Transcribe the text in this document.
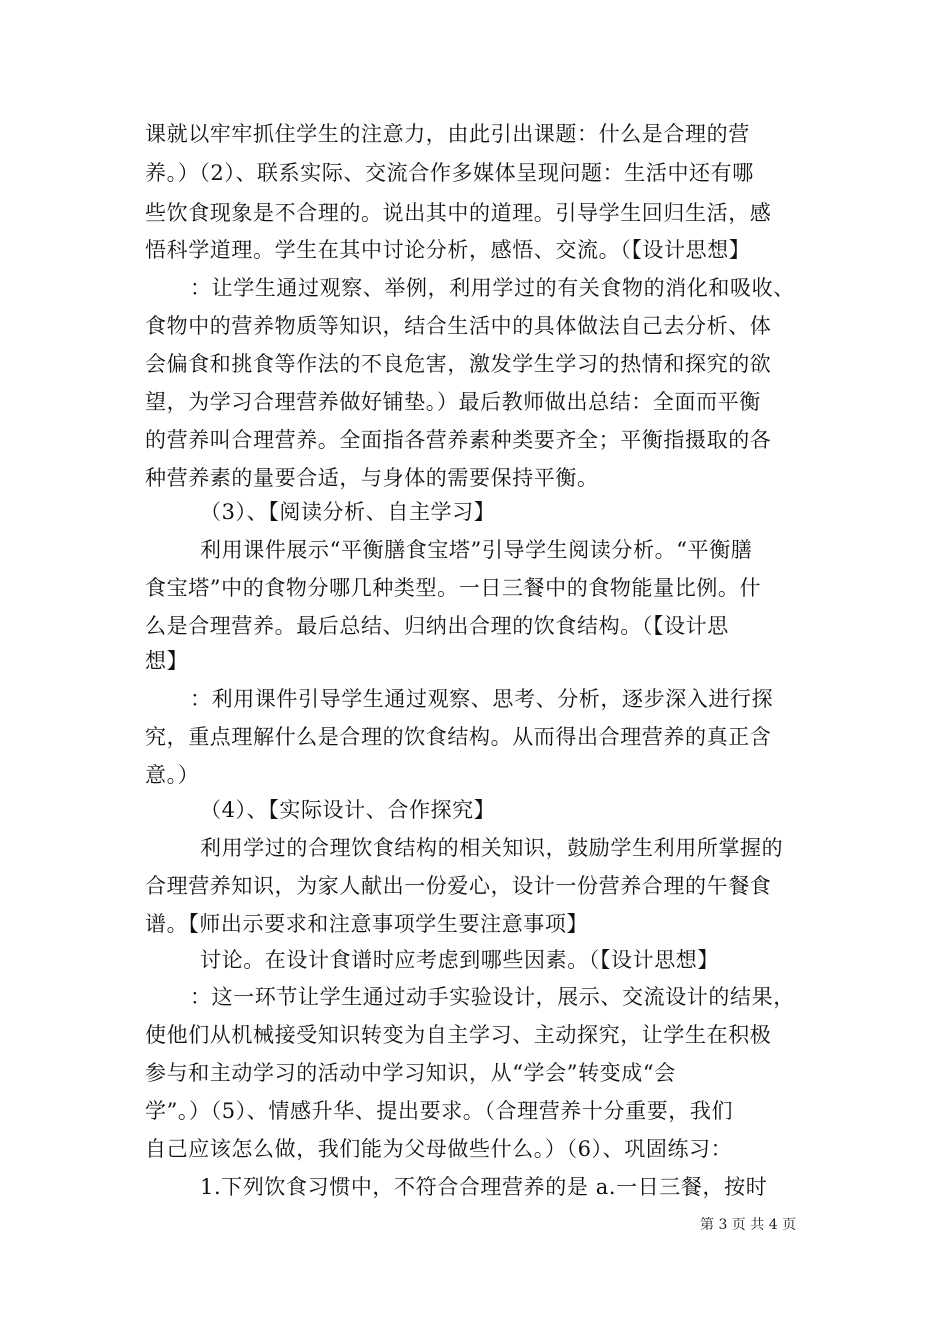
课就以牢牢抓住学生的注意力，由此引出课题：什么是合理的营
养。）（2）、联系实际、交流合作多媒体呈现问题：生活中还有哪
些饮食现象是不合理的。说出其中的道理。引导学生回归生活，感
悟科学道理。学生在其中讨论分析，感悟、交流。（【设计思想】
：让学生通过观察、举例，利用学过的有关食物的消化和吸收、
食物中的营养物质等知识，结合生活中的具体做法自己去分析、体
会偏食和挑食等作法的不良危害，激发学生学习的热情和探究的欲
望，为学习合理营养做好铺垫。）最后教师做出总结：全面而平衡
的营养叫合理营养。全面指各营养素种类要齐全；平衡指摄取的各
种营养素的量要合适，与身体的需要保持平衡。
（3）、【阅读分析、自主学习】
利用课件展示“平衡膳食宝塔”引导学生阅读分析。“平衡膳
食宝塔”中的食物分哪几种类型。一日三餐中的食物能量比例。什
么是合理营养。最后总结、归纳出合理的饮食结构。（【设计思
想】
：利用课件引导学生通过观察、思考、分析，逐步深入进行探
究，重点理解什么是合理的饮食结构。从而得出合理营养的真正含
意。）
（4）、【实际设计、合作探究】
利用学过的合理饮食结构的相关知识，鼓励学生利用所掌握的
合理营养知识，为家人献出一份爱心，设计一份营养合理的午餐食
谱。【师出示要求和注意事项学生要注意事项】
讨论。在设计食谱时应考虑到哪些因素。（【设计思想】
：这一环节让学生通过动手实验设计，展示、交流设计的结果，
使他们从机械接受知识转变为自主学习、主动探究，让学生在积极
参与和主动学习的活动中学习知识，从“学会”转变成“会
学”。）（5）、情感升华、提出要求。（合理营养十分重要，我们
自己应该怎么做，我们能为父母做些什么。）（6）、巩固练习：
1.下列饮食习惯中，不符合合理营养的是 a.一日三餐，按时
第 3 页 共 4 页
